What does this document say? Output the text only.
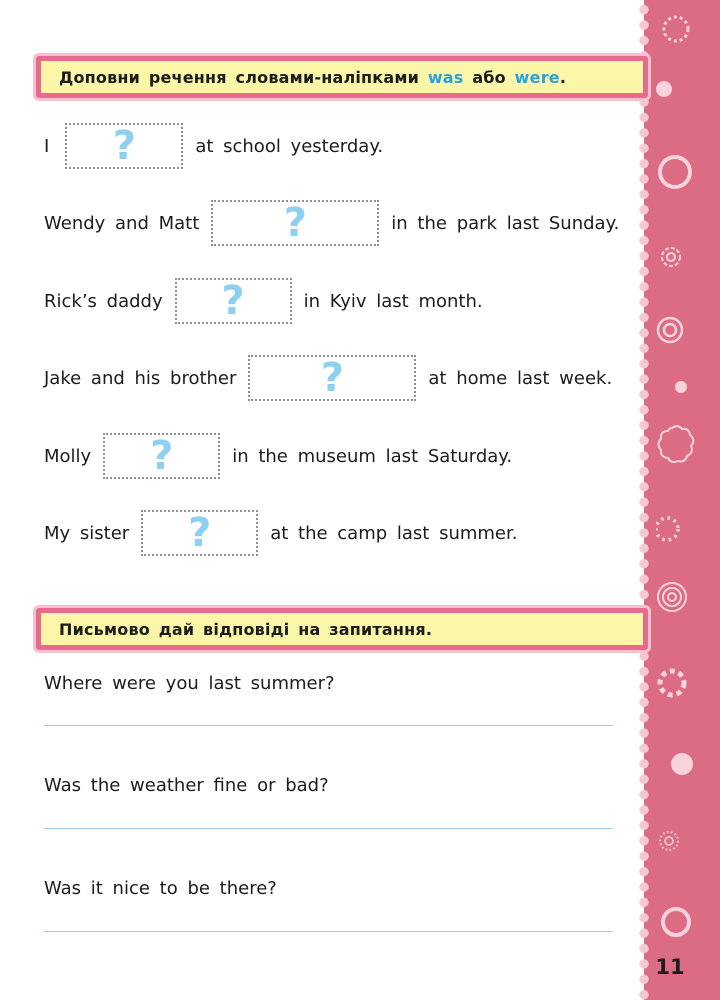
11
Доповни речення словами-наліпками
was
або
were .
I ?	at school yesterday.
Wendy and Matt ?	in the park last Sunday.
Rick’s daddy ?	in Kyiv last month.
Jake and his brother ?	at home last week.
Molly ?	in the museum last Saturday.
My sister ?	at the camp last summer.
Письмово дай відповіді на запитання.
Where were you last summer?
Was the weather fine or bad?
Was it nice to be there?
